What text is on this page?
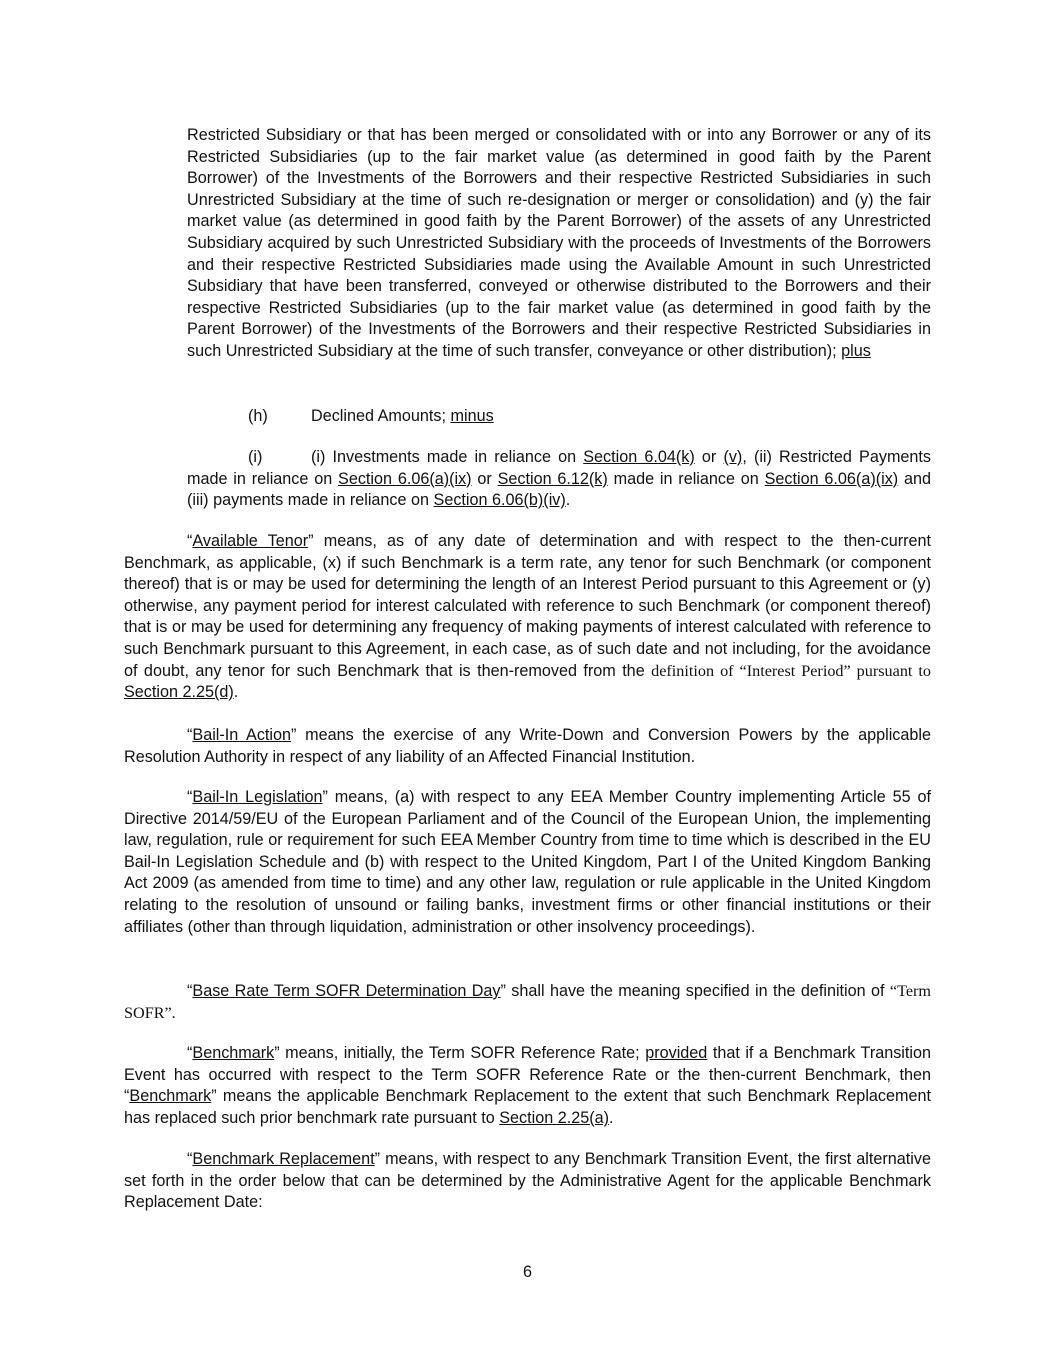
Restricted Subsidiary or that has been merged or consolidated with or into any Borrower or any of its Restricted Subsidiaries (up to the fair market value (as determined in good faith by the Parent Borrower) of the Investments of the Borrowers and their respective Restricted Subsidiaries in such Unrestricted Subsidiary at the time of such re-designation or merger or consolidation) and (y) the fair market value (as determined in good faith by the Parent Borrower) of the assets of any Unrestricted Subsidiary acquired by such Unrestricted Subsidiary with the proceeds of Investments of the Borrowers and their respective Restricted Subsidiaries made using the Available Amount in such Unrestricted Subsidiary that have been transferred, conveyed or otherwise distributed to the Borrowers and their respective Restricted Subsidiaries (up to the fair market value (as determined in good faith by the Parent Borrower) of the Investments of the Borrowers and their respective Restricted Subsidiaries in such Unrestricted Subsidiary at the time of such transfer, conveyance or other distribution); plus

(h)	Declined Amounts; minus
(i)	(i) Investments made in reliance on Section 6.04(k) or (v), (ii) Restricted Payments made in reliance on Section 6.06(a)(ix) or Section 6.12(k) made in reliance on Section 6.06(a)(ix) and (iii) payments made in reliance on Section 6.06(b)(iv).

“Available Tenor” means, as of any date of determination and with respect to the then-current Benchmark, as applicable, (x) if such Benchmark is a term rate, any tenor for such Benchmark (or component thereof) that is or may be used for determining the length of an Interest Period pursuant to this Agreement or (y) otherwise, any payment period for interest calculated with reference to such Benchmark (or component thereof) that is or may be used for determining any frequency of making payments of interest calculated with reference to such Benchmark pursuant to this Agreement, in each case, as of such date and not including, for the avoidance of doubt, any tenor for such Benchmark that is then-removed from the definition of “Interest Period” pursuant to Section 2.25(d).

“Bail-In Action” means the exercise of any Write-Down and Conversion Powers by the applicable Resolution Authority in respect of any liability of an Affected Financial Institution.

“Bail-In Legislation” means, (a) with respect to any EEA Member Country implementing Article 55 of Directive 2014/59/EU of the European Parliament and of the Council of the European Union, the implementing law, regulation, rule or requirement for such EEA Member Country from time to time which is described in the EU Bail-In Legislation Schedule and (b) with respect to the United Kingdom, Part I of the United Kingdom Banking Act 2009 (as amended from time to time) and any other law, regulation or rule applicable in the United Kingdom relating to the resolution of unsound or failing banks, investment firms or other financial institutions or their affiliates (other than through liquidation, administration or other insolvency proceedings).

“Base Rate Term SOFR Determination Day” shall have the meaning specified in the definition of “Term SOFR”.

“Benchmark” means, initially, the Term SOFR Reference Rate; provided that if a Benchmark Transition Event has occurred with respect to the Term SOFR Reference Rate or the then-current Benchmark, then “Benchmark” means the applicable Benchmark Replacement to the extent that such Benchmark Replacement has replaced such prior benchmark rate pursuant to Section 2.25(a).

“Benchmark Replacement” means, with respect to any Benchmark Transition Event, the first alternative set forth in the order below that can be determined by the Administrative Agent for the applicable Benchmark Replacement Date:

6
